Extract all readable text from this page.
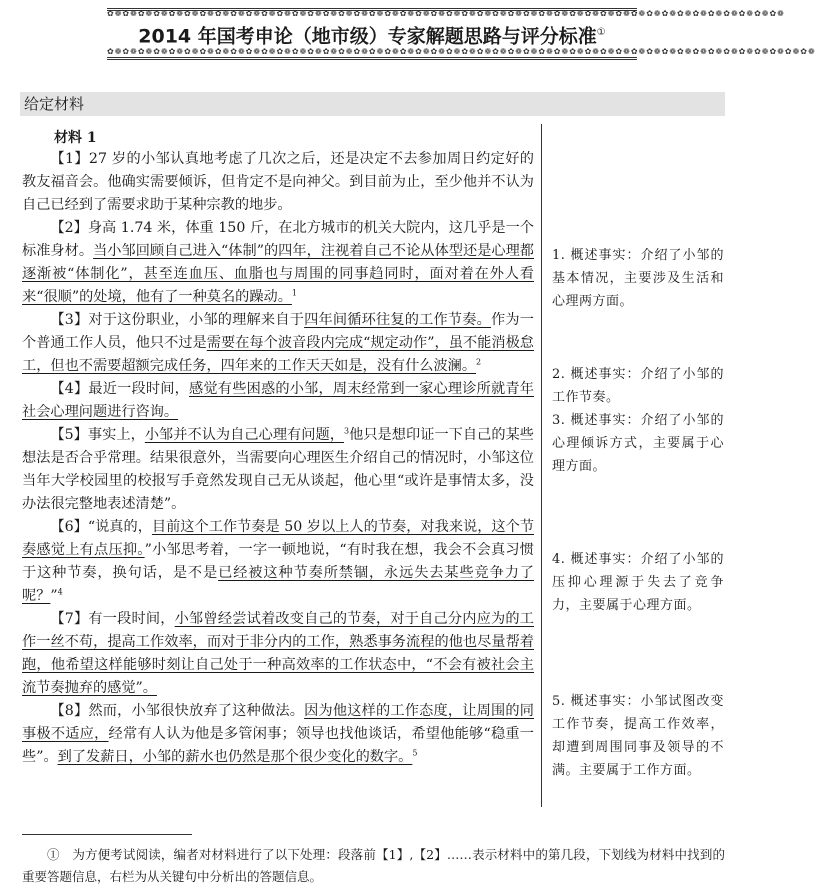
✿❁✿❁✿❁✿❁✿❁✿❁✿❁✿❁✿❁✿❁✿❁✿❁✿❁✿❁✿❁✿❁✿❁✿❁✿❁✿❁✿❁✿❁✿❁✿❁✿❁✿❁✿❁✿❁✿❁✿❁✿❁✿❁✿❁✿❁✿❁✿❁✿❁✿❁✿❁✿❁✿❁✿❁✿❁✿❁
✿❁✿❁✿❁✿❁✿❁✿❁✿❁✿❁✿❁✿❁✿❁✿❁✿❁✿❁✿❁✿❁✿❁✿❁✿❁✿❁✿❁✿❁✿❁✿❁✿❁✿❁✿❁✿❁✿❁✿❁✿❁✿❁✿❁✿❁✿❁✿❁✿❁✿❁✿❁✿❁✿❁✿❁✿❁✿❁✿❁✿❁
2014 年国考申论（地市级）专家解题思路与评分标准①
给定材料
材料 1

【1】27 岁的小邹认真地考虑了几次之后，还是决定不去参加周日约定好的教友福音会。他确实需要倾诉，但肯定不是向神父。到目前为止，至少他并不认为自己已经到了需要求助于某种宗教的地步。

【2】身高 1.74 米，体重 150 斤，在北方城市的机关大院内，这几乎是一个标准身材。当小邹回顾自己进入“体制”的四年，注视着自己不论从体型还是心理都逐渐被“体制化”，甚至连血压、血脂也与周围的同事趋同时，面对着在外人看来“很顺”的处境，他有了一种莫名的躁动。$^1$

【3】对于这份职业，小邹的理解来自于四年间循环往复的工作节奏。作为一个普通工作人员，他只不过是需要在每个波音段内完成“规定动作”，虽不能消极怠工，但也不需要超额完成任务，四年来的工作天天如是，没有什么波澜。$^2$

【4】最近一段时间，感觉有些困惑的小邹，周末经常到一家心理诊所就青年社会心理问题进行咨询。

【5】事实上，小邹并不认为自己心理有问题，$^3$他只是想印证一下自己的某些想法是否合乎常理。结果很意外，当需要向心理医生介绍自己的情况时，小邹这位当年大学校园里的校报写手竟然发现自己无从谈起，他心里“或许是事情太多，没办法很完整地表述清楚”。

【6】“说真的，目前这个工作节奏是 50 岁以上人的节奏，对我来说，这个节奏感觉上有点压抑。”小邹思考着，一字一顿地说，“有时我在想，我会不会真习惯于这种节奏，换句话，是不是已经被这种节奏所禁锢，永远失去某些竞争力了呢？”$^4$

【7】有一段时间，小邹曾经尝试着改变自己的节奏，对于自己分内应为的工作一丝不苟，提高工作效率，而对于非分内的工作，熟悉事务流程的他也尽量帮着跑，他希望这样能够时刻让自己处于一种高效率的工作状态中，“不会有被社会主流节奏抛弃的感觉”。

【8】然而，小邹很快放弃了这种做法。因为他这样的工作态度，让周围的同事极不适应，经常有人认为他是多管闲事；领导也找他谈话，希望他能够“稳重一些”。到了发薪日，小邹的薪水也仍然是那个很少变化的数字。$^5$

1. 概述事实：介绍了小邹的基本情况，主要涉及生活和心理两方面。
2. 概述事实：介绍了小邹的工作节奏。
3. 概述事实：介绍了小邹的心理倾诉方式，主要属于心理方面。
4. 概述事实：介绍了小邹的压抑心理源于失去了竞争力，主要属于心理方面。
5. 概述事实：小邹试图改变工作节奏，提高工作效率，却遭到周围同事及领导的不满。主要属于工作方面。
①　 为方便考试阅读，编者对材料进行了以下处理：段落前【1】,【2】……表示材料中的第几段，下划线为材料中找到的重要答题信息，右栏为从关键句中分析出的答题信息。
